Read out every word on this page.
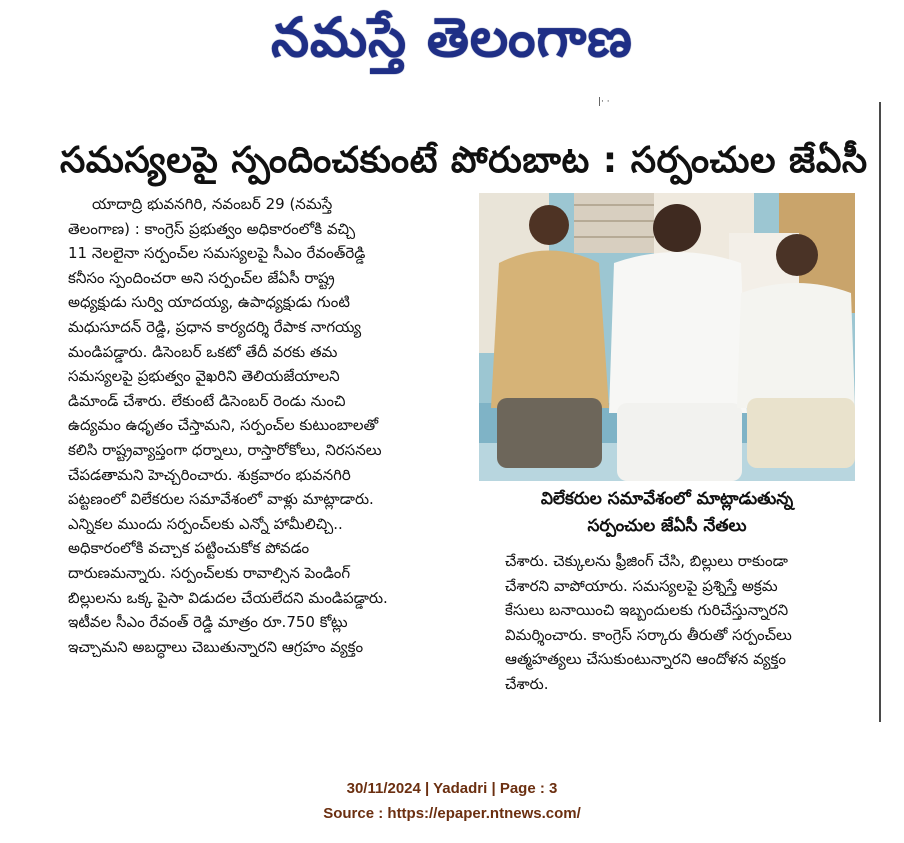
నమస్తే తెలంగాణ
|· ·
సమస్యలపై స్పందించకుంటే పోరుబాట : సర్పంచుల జేఏసీ
యాదాద్రి భువనగిరి, నవంబర్ 29 (నమస్తే
తెలంగాణ) : కాంగ్రెస్ ప్రభుత్వం అధికారంలోకి వచ్చి
11 నెలలైనా సర్పంచ్‌ల సమస్యలపై సీఎం రేవంత్‌రెడ్డి
కనీసం స్పందించరా అని సర్పంచ్‌ల జేఏసీ రాష్ట్ర
అధ్యక్షుడు సుర్వి యాదయ్య, ఉపాధ్యక్షుడు గుంటి
మధుసూదన్ రెడ్డి, ప్రధాన కార్యదర్శి రేపాక నాగయ్య
మండిపడ్డారు. డిసెంబర్ ఒకటో తేదీ వరకు తమ
సమస్యలపై ప్రభుత్వం వైఖరిని తెలియజేయాలని
డిమాండ్ చేశారు. లేకుంటే డిసెంబర్ రెండు నుంచి
ఉద్యమం ఉధృతం చేస్తామని, సర్పంచ్‌ల కుటుంబాలతో
కలిసి రాష్ట్రవ్యాప్తంగా ధర్నాలు, రాస్తారోకోలు, నిరసనలు
చేపడతామని హెచ్చరించారు. శుక్రవారం భువనగిరి
పట్టణంలో విలేకరుల సమావేశంలో వాళ్లు మాట్లాడారు.
ఎన్నికల ముందు సర్పంచ్‌లకు ఎన్నో హామీలిచ్చి..
అధికారంలోకి వచ్చాక పట్టించుకోక పోవడం
దారుణమన్నారు. సర్పంచ్‌లకు రావాల్సిన పెండింగ్
బిల్లులను ఒక్క పైసా విడుదల చేయలేదని మండిపడ్డారు.
ఇటీవల సీఎం రేవంత్ రెడ్డి మాత్రం రూ.750 కోట్లు
ఇచ్చామని అబద్ధాలు చెబుతున్నారని ఆగ్రహం వ్యక్తం
విలేకరుల సమావేశంలో మాట్లాడుతున్న
సర్పంచుల జేఏసీ నేతలు
చేశారు. చెక్కులను ఫ్రీజింగ్ చేసి, బిల్లులు రాకుండా
చేశారని వాపోయారు. సమస్యలపై ప్రశ్నిస్తే అక్రమ
కేసులు బనాయించి ఇబ్బందులకు గురిచేస్తున్నారని
విమర్శించారు. కాంగ్రెస్ సర్కారు తీరుతో సర్పంచ్‌లు
ఆత్మహత్యలు చేసుకుంటున్నారని ఆందోళన వ్యక్తం
చేశారు.
30/11/2024 | Yadadri | Page : 3
Source : https://epaper.ntnews.com/
